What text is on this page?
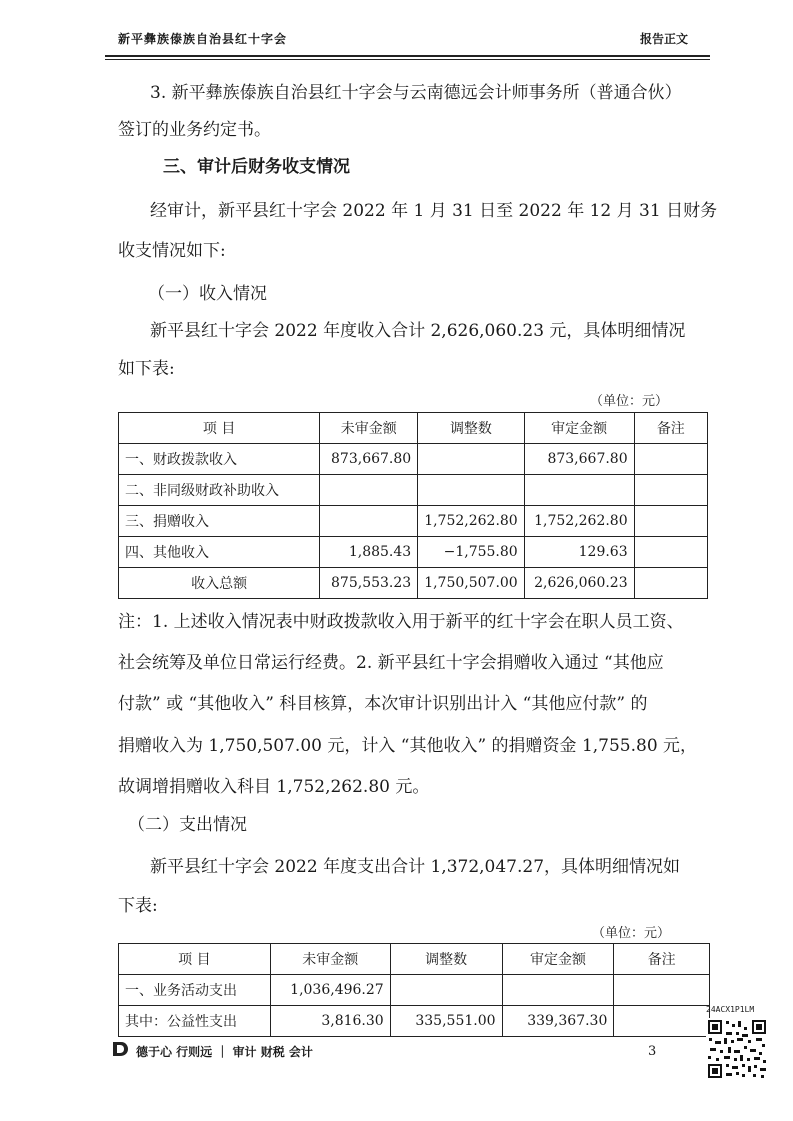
新平彝族傣族自治县红十字会	报告正文
3. 新平彝族傣族自治县红十字会与云南德远会计师事务所（普通合伙）
签订的业务约定书。
三、审计后财务收支情况
经审计，新平县红十字会 2022 年 1 月 31 日至 2022 年 12 月 31 日财务
收支情况如下:
（一）收入情况
新平县红十字会 2022 年度收入合计 2,626,060.23 元，具体明细情况
如下表:
（单位：元）
项 目	未审金额	调整数	审定金额	备注
一、财政拨款收入	873,667.80		873,667.80	
二、非同级财政补助收入				
三、捐赠收入		1,752,262.80	1,752,262.80	
四、其他收入	1,885.43	−1,755.80	129.63	
收入总额	875,553.23	1,750,507.00	2,626,060.23	
注：1. 上述收入情况表中财政拨款收入用于新平的红十字会在职人员工资、
社会统筹及单位日常运行经费。2. 新平县红十字会捐赠收入通过 “其他应
付款” 或 “其他收入” 科目核算，本次审计识别出计入 “其他应付款” 的
捐赠收入为 1,750,507.00 元，计入 “其他收入” 的捐赠资金 1,755.80 元，
故调增捐赠收入科目 1,752,262.80 元。
（二）支出情况
新平县红十字会 2022 年度支出合计 1,372,047.27，具体明细情况如
下表:
（单位：元）
项 目	未审金额	调整数	审定金额	备注
一、业务活动支出	1,036,496.27			
其中：公益性支出	3,816.30	335,551.00	339,367.30	
德于心 行则远 ｜ 审计 财税 会计	3
24ACX1P1LM
